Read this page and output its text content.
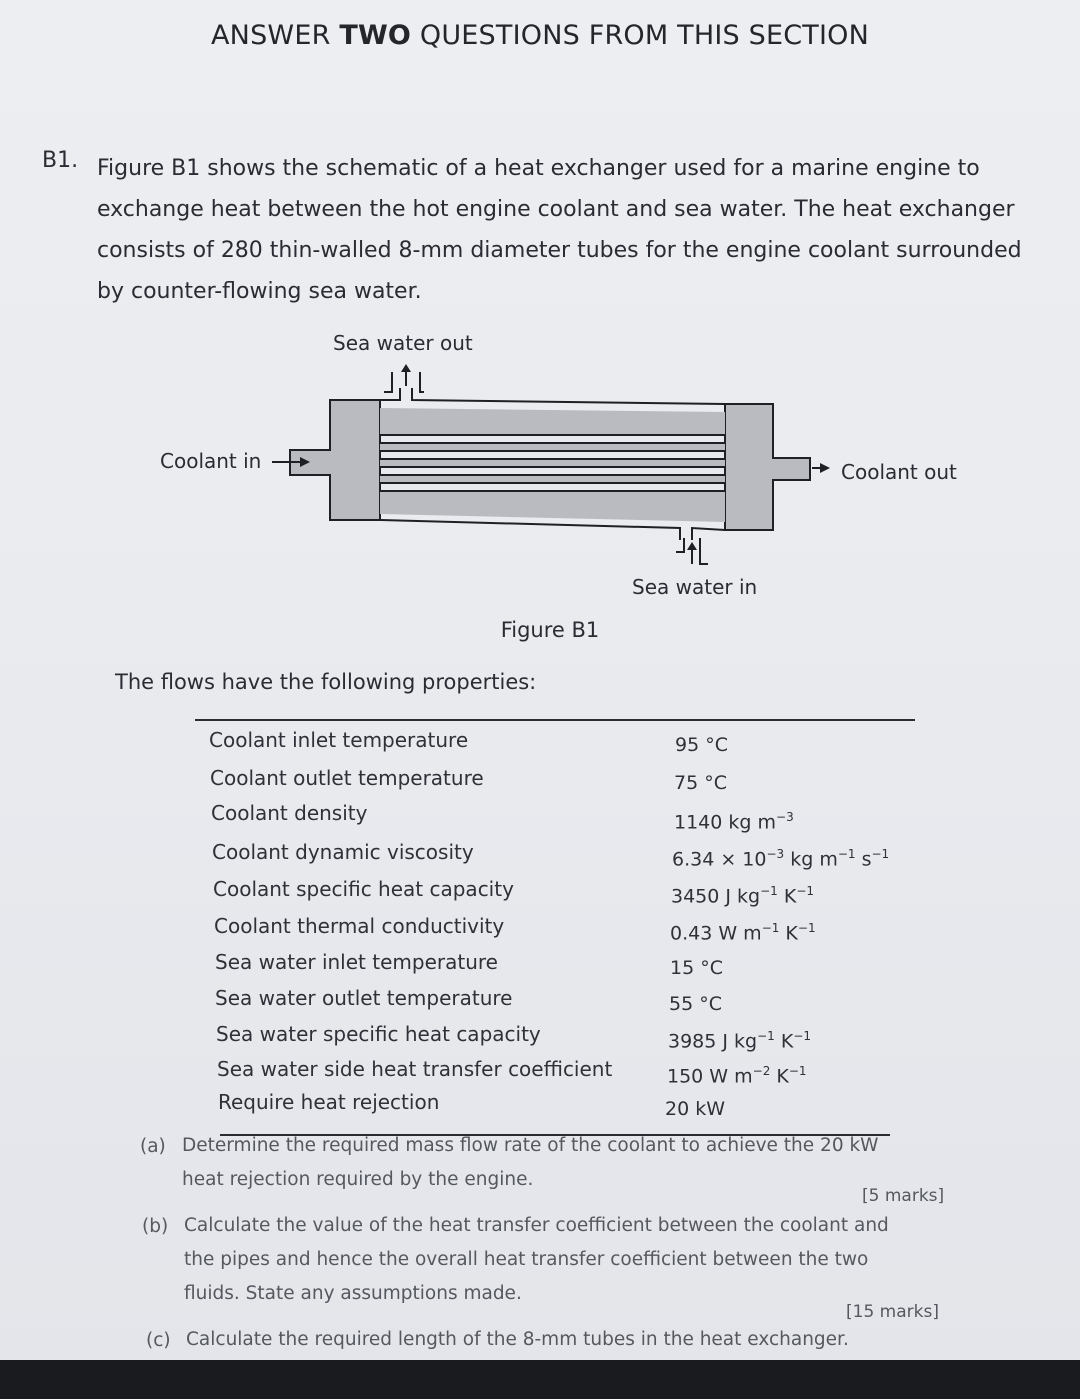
ANSWER TWO QUESTIONS FROM THIS SECTION
B1. Figure B1 shows the schematic of a heat exchanger used for a marine engine to
exchange heat between the hot engine coolant and sea water. The heat exchanger
consists of 280 thin-walled 8-mm diameter tubes for the engine coolant surrounded
by counter-flowing sea water.
Sea water out
Coolant in	Coolant out
Sea water in
Figure B1
The flows have the following properties:
Coolant inlet temperature	95 °C
Coolant outlet temperature	75 °C
Coolant density	1140 kg $m^{-3}$
Coolant dynamic viscosity	$6.34 \times 10^{-3}$ kg $m^{-1}$ $s^{-1}$
Coolant specific heat capacity	3450 J $kg^{-1}$ $K^{-1}$
Coolant thermal conductivity	0.43 W $m^{-1}$ $K^{-1}$
Sea water inlet temperature	15 °C
Sea water outlet temperature	55 °C
Sea water specific heat capacity	3985 J $kg^{-1}$ $K^{-1}$
Sea water side heat transfer coefficient	150 W $m^{-2}$ $K^{-1}$
Require heat rejection	20 kW
(a) Determine the required mass flow rate of the coolant to achieve the 20 kW
heat rejection required by the engine.
[5 marks]
(b) Calculate the value of the heat transfer coefficient between the coolant and
the pipes and hence the overall heat transfer coefficient between the two
fluids. State any assumptions made.
[15 marks]
(c) Calculate the required length of the 8-mm tubes in the heat exchanger.
